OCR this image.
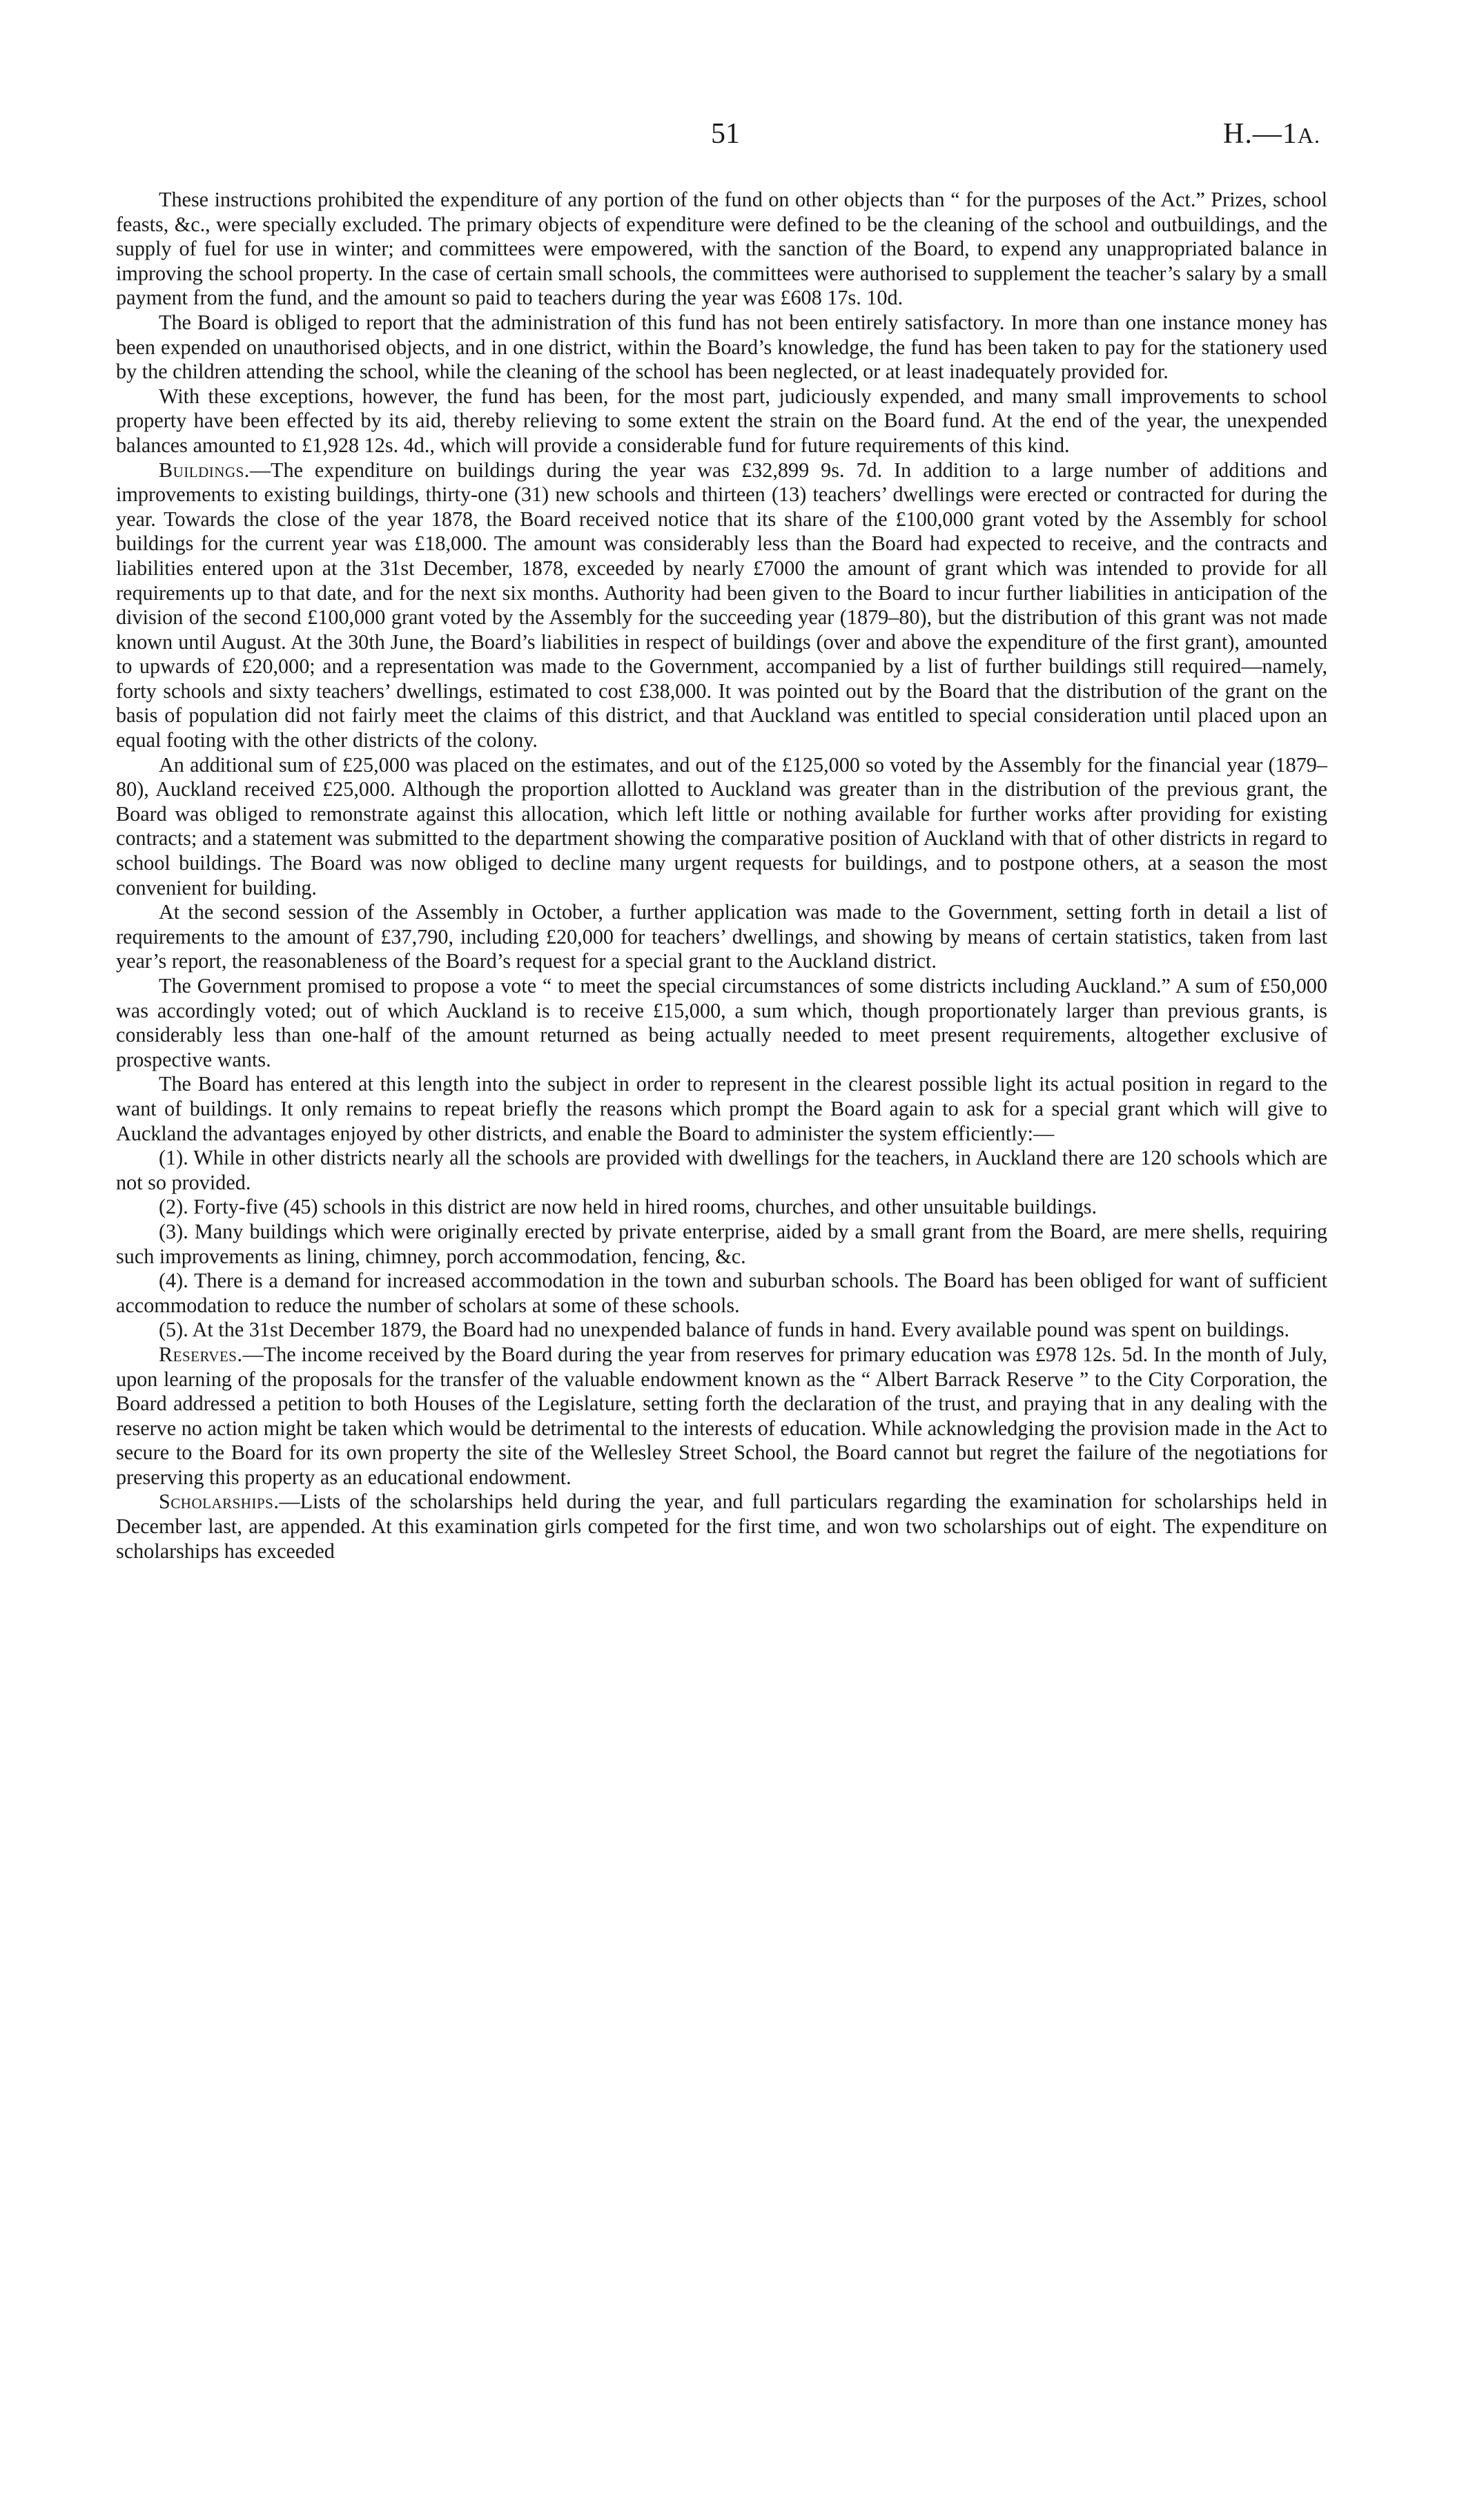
51	H.—1A.

These instructions prohibited the expenditure of any portion of the fund on other objects than “ for the purposes of the Act.” Prizes, school feasts, &c., were specially excluded. The primary objects of expenditure were defined to be the cleaning of the school and outbuildings, and the supply of fuel for use in winter; and committees were empowered, with the sanction of the Board, to expend any unappropriated balance in improving the school property. In the case of certain small schools, the committees were authorised to supplement the teacher’s salary by a small payment from the fund, and the amount so paid to teachers during the year was £608 17s. 10d.

The Board is obliged to report that the administration of this fund has not been entirely satisfactory. In more than one instance money has been expended on unauthorised objects, and in one district, within the Board’s knowledge, the fund has been taken to pay for the stationery used by the children attending the school, while the cleaning of the school has been neglected, or at least inadequately provided for.

With these exceptions, however, the fund has been, for the most part, judiciously expended, and many small improvements to school property have been effected by its aid, thereby relieving to some extent the strain on the Board fund. At the end of the year, the unexpended balances amounted to £1,928 12s. 4d., which will provide a considerable fund for future requirements of this kind.

Buildings.—The expenditure on buildings during the year was £32,899 9s. 7d. In addition to a large number of additions and improvements to existing buildings, thirty-one (31) new schools and thirteen (13) teachers’ dwellings were erected or contracted for during the year. Towards the close of the year 1878, the Board received notice that its share of the £100,000 grant voted by the Assembly for school buildings for the current year was £18,000. The amount was considerably less than the Board had expected to receive, and the contracts and liabilities entered upon at the 31st December, 1878, exceeded by nearly £7000 the amount of grant which was intended to provide for all requirements up to that date, and for the next six months. Authority had been given to the Board to incur further liabilities in anticipation of the division of the second £100,000 grant voted by the Assembly for the succeeding year (1879–80), but the distribution of this grant was not made known until August. At the 30th June, the Board’s liabilities in respect of buildings (over and above the expenditure of the first grant), amounted to upwards of £20,000; and a representation was made to the Government, accompanied by a list of further buildings still required—namely, forty schools and sixty teachers’ dwellings, estimated to cost £38,000. It was pointed out by the Board that the distribution of the grant on the basis of population did not fairly meet the claims of this district, and that Auckland was entitled to special consideration until placed upon an equal footing with the other districts of the colony.

An additional sum of £25,000 was placed on the estimates, and out of the £125,000 so voted by the Assembly for the financial year (1879–80), Auckland received £25,000. Although the proportion allotted to Auckland was greater than in the distribution of the previous grant, the Board was obliged to remonstrate against this allocation, which left little or nothing available for further works after providing for existing contracts; and a statement was submitted to the department showing the comparative position of Auckland with that of other districts in regard to school buildings. The Board was now obliged to decline many urgent requests for buildings, and to postpone others, at a season the most convenient for building.

At the second session of the Assembly in October, a further application was made to the Government, setting forth in detail a list of requirements to the amount of £37,790, including £20,000 for teachers’ dwellings, and showing by means of certain statistics, taken from last year’s report, the reasonableness of the Board’s request for a special grant to the Auckland district.

The Government promised to propose a vote “ to meet the special circumstances of some districts including Auckland.” A sum of £50,000 was accordingly voted; out of which Auckland is to receive £15,000, a sum which, though proportionately larger than previous grants, is considerably less than one-half of the amount returned as being actually needed to meet present requirements, altogether exclusive of prospective wants.

The Board has entered at this length into the subject in order to represent in the clearest possible light its actual position in regard to the want of buildings. It only remains to repeat briefly the reasons which prompt the Board again to ask for a special grant which will give to Auckland the advantages enjoyed by other districts, and enable the Board to administer the system efficiently:—

(1). While in other districts nearly all the schools are provided with dwellings for the teachers, in Auckland there are 120 schools which are not so provided.

(2). Forty-five (45) schools in this district are now held in hired rooms, churches, and other unsuitable buildings.

(3). Many buildings which were originally erected by private enterprise, aided by a small grant from the Board, are mere shells, requiring such improvements as lining, chimney, porch accommodation, fencing, &c.

(4). There is a demand for increased accommodation in the town and suburban schools. The Board has been obliged for want of sufficient accommodation to reduce the number of scholars at some of these schools.

(5). At the 31st December 1879, the Board had no unexpended balance of funds in hand. Every available pound was spent on buildings.

Reserves.—The income received by the Board during the year from reserves for primary education was £978 12s. 5d. In the month of July, upon learning of the proposals for the transfer of the valuable endowment known as the “ Albert Barrack Reserve ” to the City Corporation, the Board addressed a petition to both Houses of the Legislature, setting forth the declaration of the trust, and praying that in any dealing with the reserve no action might be taken which would be detrimental to the interests of education. While acknowledging the provision made in the Act to secure to the Board for its own property the site of the Wellesley Street School, the Board cannot but regret the failure of the negotiations for preserving this property as an educational endowment.

Scholarships.—Lists of the scholarships held during the year, and full particulars regarding the examination for scholarships held in December last, are appended. At this examination girls competed for the first time, and won two scholarships out of eight. The expenditure on scholarships has exceeded
